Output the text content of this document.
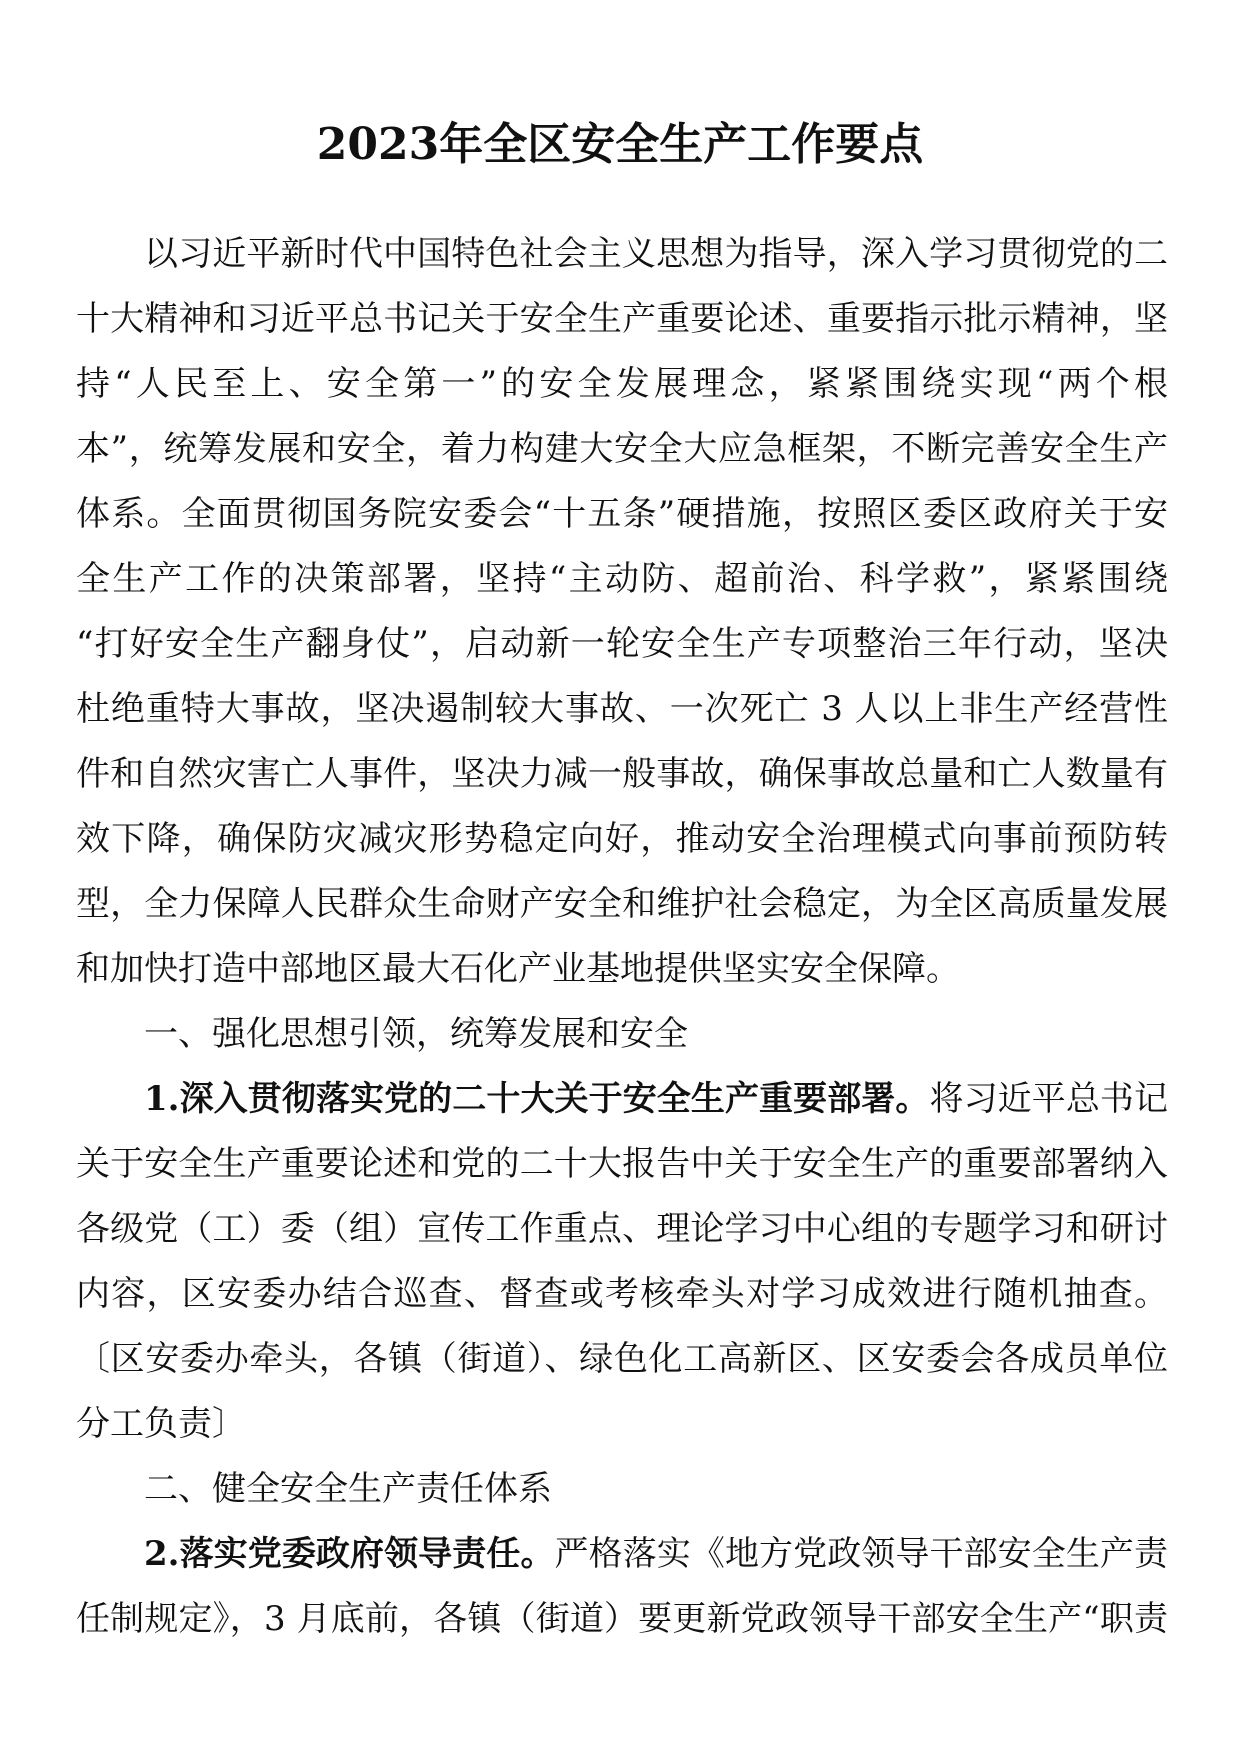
2023年全区安全生产工作要点
以习近平新时代中国特色社会主义思想为指导，深入学习贯彻党的二
十大精神和习近平总书记关于安全生产重要论述、重要指示批示精神，坚
持“人民至上、安全第一”的安全发展理念，紧紧围绕实现“两个根
本”，统筹发展和安全，着力构建大安全大应急框架，不断完善安全生产
体系。全面贯彻国务院安委会“十五条”硬措施，按照区委区政府关于安
全生产工作的决策部署，坚持“主动防、超前治、科学救”，紧紧围绕
“打好安全生产翻身仗”，启动新一轮安全生产专项整治三年行动，坚决
杜绝重特大事故，坚决遏制较大事故、一次死亡 3 人以上非生产经营性
件和自然灾害亡人事件，坚决力减一般事故，确保事故总量和亡人数量有
效下降，确保防灾减灾形势稳定向好，推动安全治理模式向事前预防转
型，全力保障人民群众生命财产安全和维护社会稳定，为全区高质量发展
和加快打造中部地区最大石化产业基地提供坚实安全保障。
一、强化思想引领，统筹发展和安全
1.深入贯彻落实党的二十大关于安全生产重要部署。将习近平总书记
关于安全生产重要论述和党的二十大报告中关于安全生产的重要部署纳入
各级党（工）委（组）宣传工作重点、理论学习中心组的专题学习和研讨
内容，区安委办结合巡查、督查或考核牵头对学习成效进行随机抽查。
〔区安委办牵头，各镇（街道）、绿色化工高新区、区安委会各成员单位
分工负责〕
二、健全安全生产责任体系
2.落实党委政府领导责任。严格落实《地方党政领导干部安全生产责
任制规定》，3 月底前，各镇（街道）要更新党政领导干部安全生产“职责
